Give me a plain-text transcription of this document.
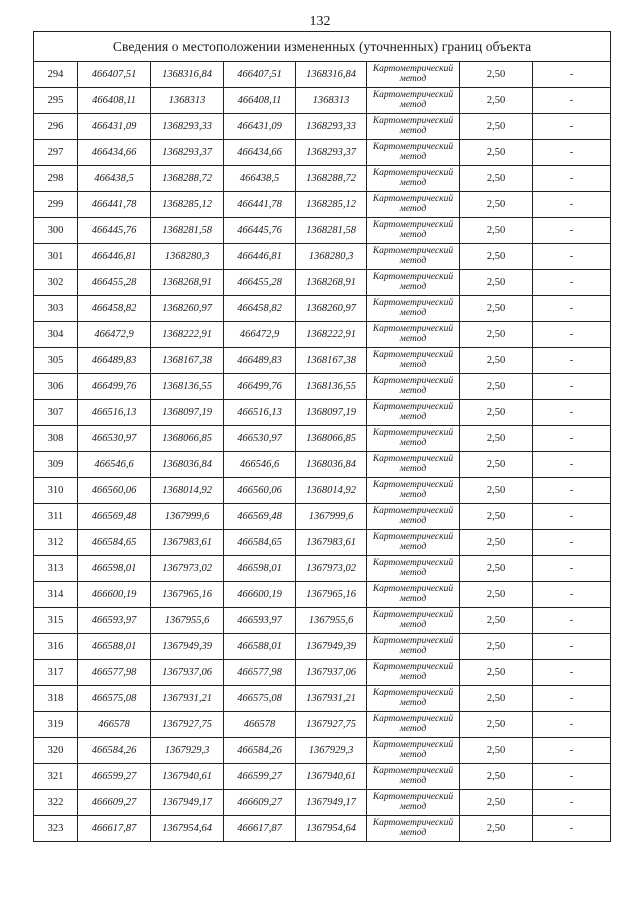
132
Сведения о местоположении измененных (уточненных) границ объекта							
294	466407,51	1368316,84	466407,51	1368316,84	Картометрический метод	2,50	-
295	466408,11	1368313	466408,11	1368313	Картометрический метод	2,50	-
296	466431,09	1368293,33	466431,09	1368293,33	Картометрический метод	2,50	-
297	466434,66	1368293,37	466434,66	1368293,37	Картометрический метод	2,50	-
298	466438,5	1368288,72	466438,5	1368288,72	Картометрический метод	2,50	-
299	466441,78	1368285,12	466441,78	1368285,12	Картометрический метод	2,50	-
300	466445,76	1368281,58	466445,76	1368281,58	Картометрический метод	2,50	-
301	466446,81	1368280,3	466446,81	1368280,3	Картометрический метод	2,50	-
302	466455,28	1368268,91	466455,28	1368268,91	Картометрический метод	2,50	-
303	466458,82	1368260,97	466458,82	1368260,97	Картометрический метод	2,50	-
304	466472,9	1368222,91	466472,9	1368222,91	Картометрический метод	2,50	-
305	466489,83	1368167,38	466489,83	1368167,38	Картометрический метод	2,50	-
306	466499,76	1368136,55	466499,76	1368136,55	Картометрический метод	2,50	-
307	466516,13	1368097,19	466516,13	1368097,19	Картометрический метод	2,50	-
308	466530,97	1368066,85	466530,97	1368066,85	Картометрический метод	2,50	-
309	466546,6	1368036,84	466546,6	1368036,84	Картометрический метод	2,50	-
310	466560,06	1368014,92	466560,06	1368014,92	Картометрический метод	2,50	-
311	466569,48	1367999,6	466569,48	1367999,6	Картометрический метод	2,50	-
312	466584,65	1367983,61	466584,65	1367983,61	Картометрический метод	2,50	-
313	466598,01	1367973,02	466598,01	1367973,02	Картометрический метод	2,50	-
314	466600,19	1367965,16	466600,19	1367965,16	Картометрический метод	2,50	-
315	466593,97	1367955,6	466593,97	1367955,6	Картометрический метод	2,50	-
316	466588,01	1367949,39	466588,01	1367949,39	Картометрический метод	2,50	-
317	466577,98	1367937,06	466577,98	1367937,06	Картометрический метод	2,50	-
318	466575,08	1367931,21	466575,08	1367931,21	Картометрический метод	2,50	-
319	466578	1367927,75	466578	1367927,75	Картометрический метод	2,50	-
320	466584,26	1367929,3	466584,26	1367929,3	Картометрический метод	2,50	-
321	466599,27	1367940,61	466599,27	1367940,61	Картометрический метод	2,50	-
322	466609,27	1367949,17	466609,27	1367949,17	Картометрический метод	2,50	-
323	466617,87	1367954,64	466617,87	1367954,64	Картометрический метод	2,50	-
